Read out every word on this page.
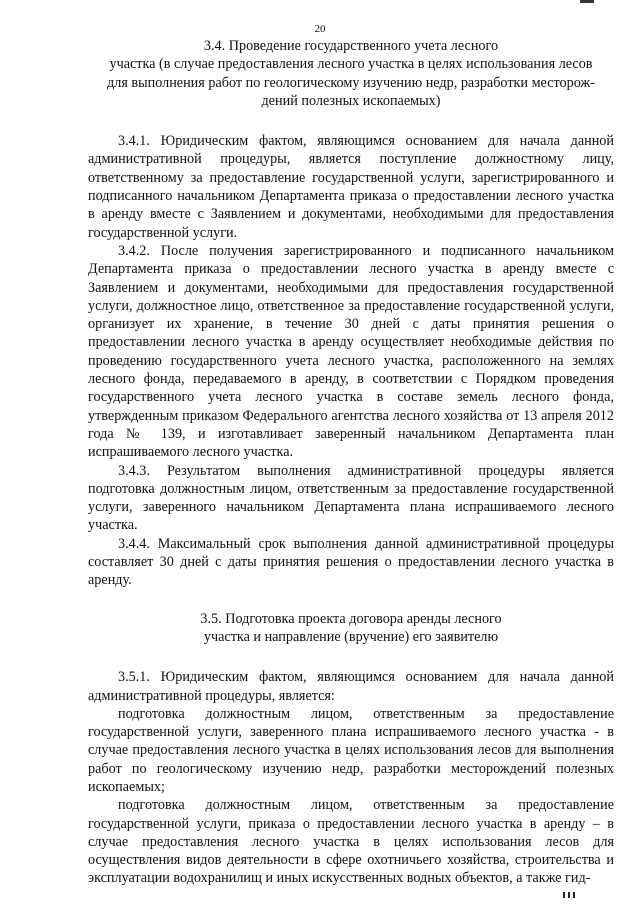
20
3.4. Проведение государственного учета лесного
участка (в случае предоставления лесного участка в целях использования лесов
для выполнения работ по геологическому изучению недр, разработки месторож-
дений полезных ископаемых)

3.4.1. Юридическим фактом, являющимся основанием для начала данной административной процедуры, является поступление должностному лицу, ответственному за предоставление государственной услуги, зарегистрированного и подписанного начальником Департамента приказа о предоставлении лесного участка в аренду вместе с Заявлением и документами, необходимыми для предоставления государственной услуги.

3.4.2. После получения зарегистрированного и подписанного начальником Департамента приказа о предоставлении лесного участка в аренду вместе с Заявлением и документами, необходимыми для предоставления государственной услуги, должностное лицо, ответственное за предоставление государственной услуги, организует их хранение, в течение 30 дней с даты принятия решения о предоставлении лесного участка в аренду осуществляет необходимые действия по проведению государственного учета лесного участка, расположенного на землях лесного фонда, передаваемого в аренду, в соответствии с Порядком проведения государственного учета лесного участка в составе земель лесного фонда, утвержденным приказом Федерального агентства лесного хозяйства от 13 апреля 2012 года № 139, и изготавливает заверенный начальником Департамента план испрашиваемого лесного участка.

3.4.3. Результатом выполнения административной процедуры является подготовка должностным лицом, ответственным за предоставление государственной услуги, заверенного начальником Департамента плана испрашиваемого лесного участка.

3.4.4. Максимальный срок выполнения данной административной процедуры составляет 30 дней с даты принятия решения о предоставлении лесного участка в аренду.

3.5. Подготовка проекта договора аренды лесного
участка и направление (вручение) его заявителю

3.5.1. Юридическим фактом, являющимся основанием для начала данной административной процедуры, является:

подготовка должностным лицом, ответственным за предоставление государственной услуги, заверенного плана испрашиваемого лесного участка - в случае предоставления лесного участка в целях использования лесов для выполнения работ по геологическому изучению недр, разработки месторождений полезных ископаемых;

подготовка должностным лицом, ответственным за предоставление государственной услуги, приказа о предоставлении лесного участка в аренду – в случае предоставления лесного участка в целях использования лесов для осуществления видов деятельности в сфере охотничьего хозяйства, строительства и эксплуатации водохранилищ и иных искусственных водных объектов, а также гид-
